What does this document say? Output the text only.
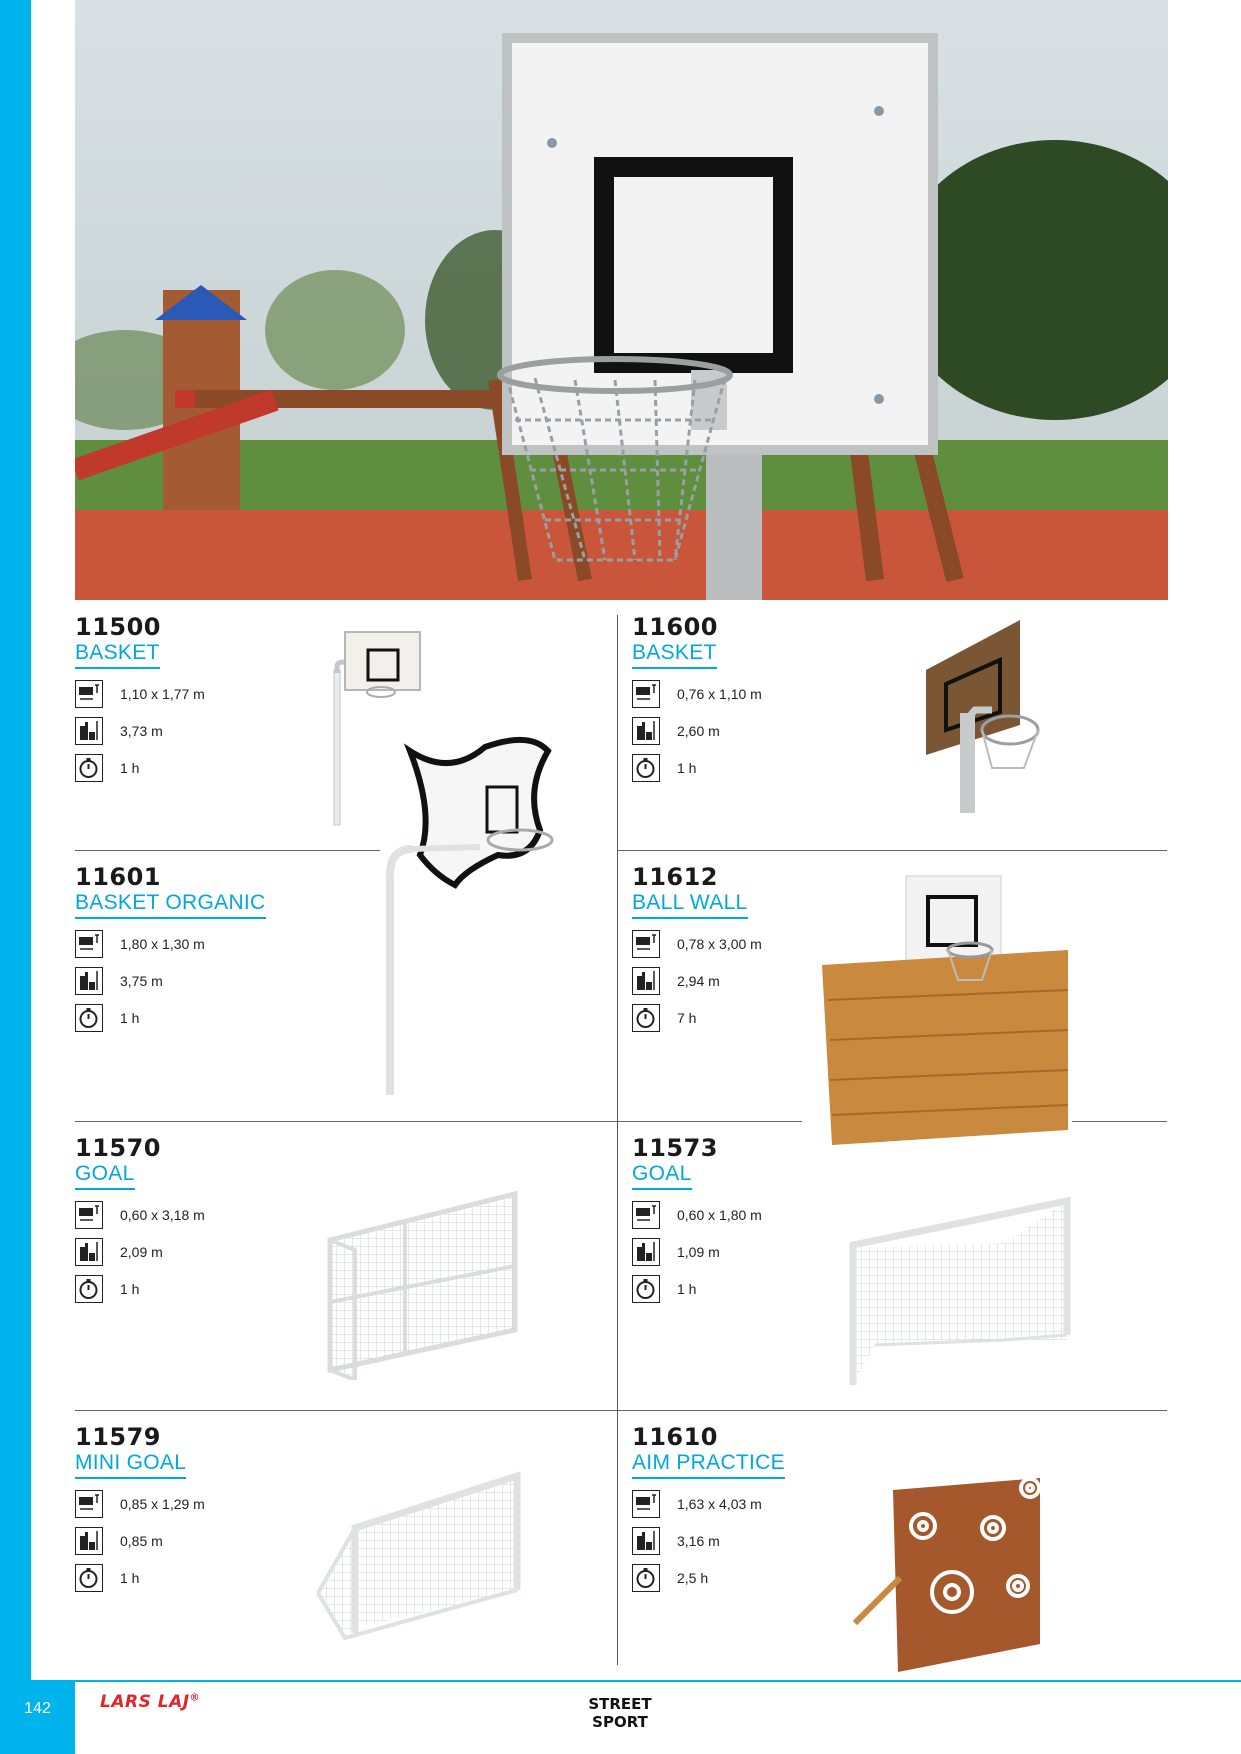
11500
BASKET
1,10 x 1,77 m
3,73 m
1 h
11600
BASKET
0,76 x 1,10 m
2,60 m
1 h
11601
BASKET ORGANIC
1,80 x 1,30 m
3,75 m
1 h
11612
BALL WALL
0,78 x 3,00 m
2,94 m
7 h
11570
GOAL
0,60 x 3,18 m
2,09 m
1 h
11573
GOAL
0,60 x 1,80 m
1,09 m
1 h
11579
MINI GOAL
0,85 x 1,29 m
0,85 m
1 h
11610
AIM PRACTICE
1,63 x 4,03 m
3,16 m
2,5 h
142	LARS LAJ®	STREET SPORT
